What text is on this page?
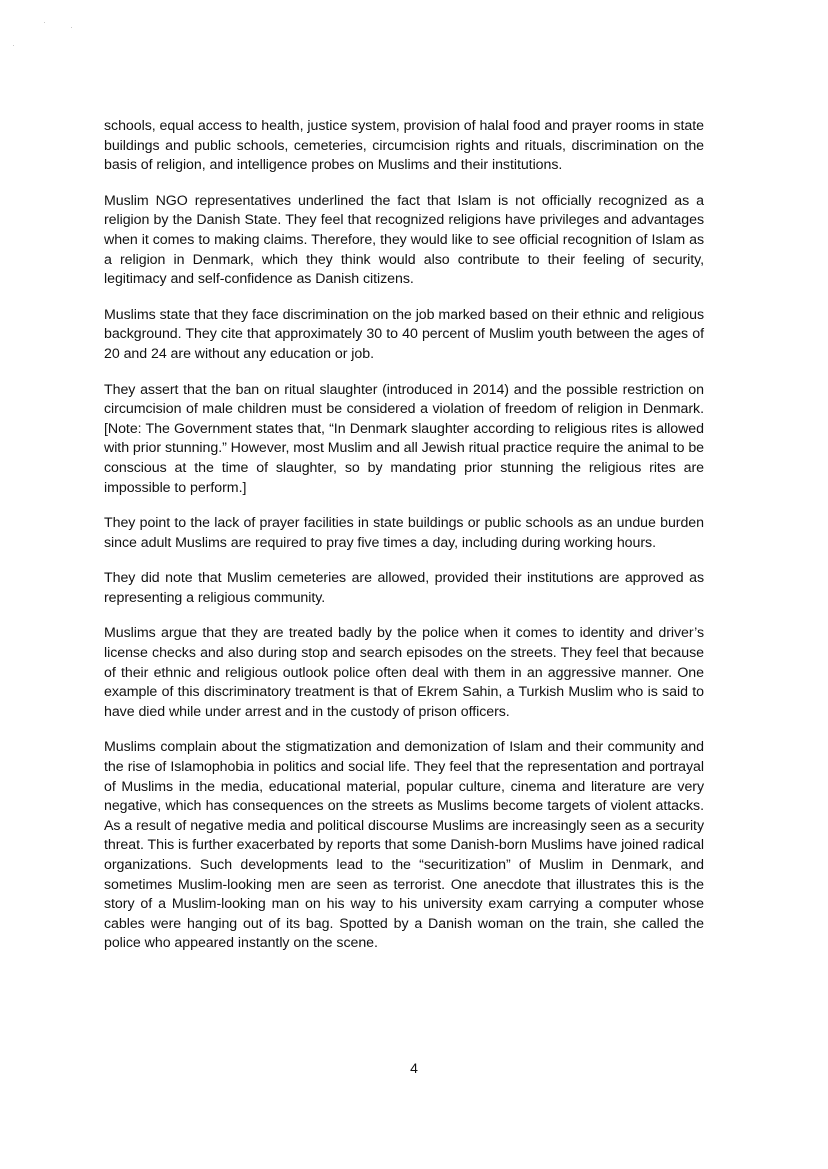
schools, equal access to health, justice system, provision of halal food and prayer rooms in state buildings and public schools, cemeteries, circumcision rights and rituals, discrimination on the basis of religion, and intelligence probes on Muslims and their institutions.

Muslim NGO representatives underlined the fact that Islam is not officially recognized as a religion by the Danish State. They feel that recognized religions have privileges and advantages when it comes to making claims. Therefore, they would like to see official recognition of Islam as a religion in Denmark, which they think would also contribute to their feeling of security, legitimacy and self-confidence as Danish citizens.

Muslims state that they face discrimination on the job marked based on their ethnic and religious background. They cite that approximately 30 to 40 percent of Muslim youth between the ages of 20 and 24 are without any education or job.

They assert that the ban on ritual slaughter (introduced in 2014) and the possible restriction on circumcision of male children must be considered a violation of freedom of religion in Denmark. [Note: The Government states that, “In Denmark slaughter according to religious rites is allowed with prior stunning.” However, most Muslim and all Jewish ritual practice require the animal to be conscious at the time of slaughter, so by mandating prior stunning the religious rites are impossible to perform.]

They point to the lack of prayer facilities in state buildings or public schools as an undue burden since adult Muslims are required to pray five times a day, including during working hours.

They did note that Muslim cemeteries are allowed, provided their institutions are approved as representing a religious community.

Muslims argue that they are treated badly by the police when it comes to identity and driver’s license checks and also during stop and search episodes on the streets. They feel that because of their ethnic and religious outlook police often deal with them in an aggressive manner. One example of this discriminatory treatment is that of Ekrem Sahin, a Turkish Muslim who is said to have died while under arrest and in the custody of prison officers.

Muslims complain about the stigmatization and demonization of Islam and their community and the rise of Islamophobia in politics and social life. They feel that the representation and portrayal of Muslims in the media, educational material, popular culture, cinema and literature are very negative, which has consequences on the streets as Muslims become targets of violent attacks. As a result of negative media and political discourse Muslims are increasingly seen as a security threat. This is further exacerbated by reports that some Danish-born Muslims have joined radical organizations. Such developments lead to the “securitization” of Muslim in Denmark, and sometimes Muslim-looking men are seen as terrorist. One anecdote that illustrates this is the story of a Muslim-looking man on his way to his university exam carrying a computer whose cables were hanging out of its bag. Spotted by a Danish woman on the train, she called the police who appeared instantly on the scene.

4
